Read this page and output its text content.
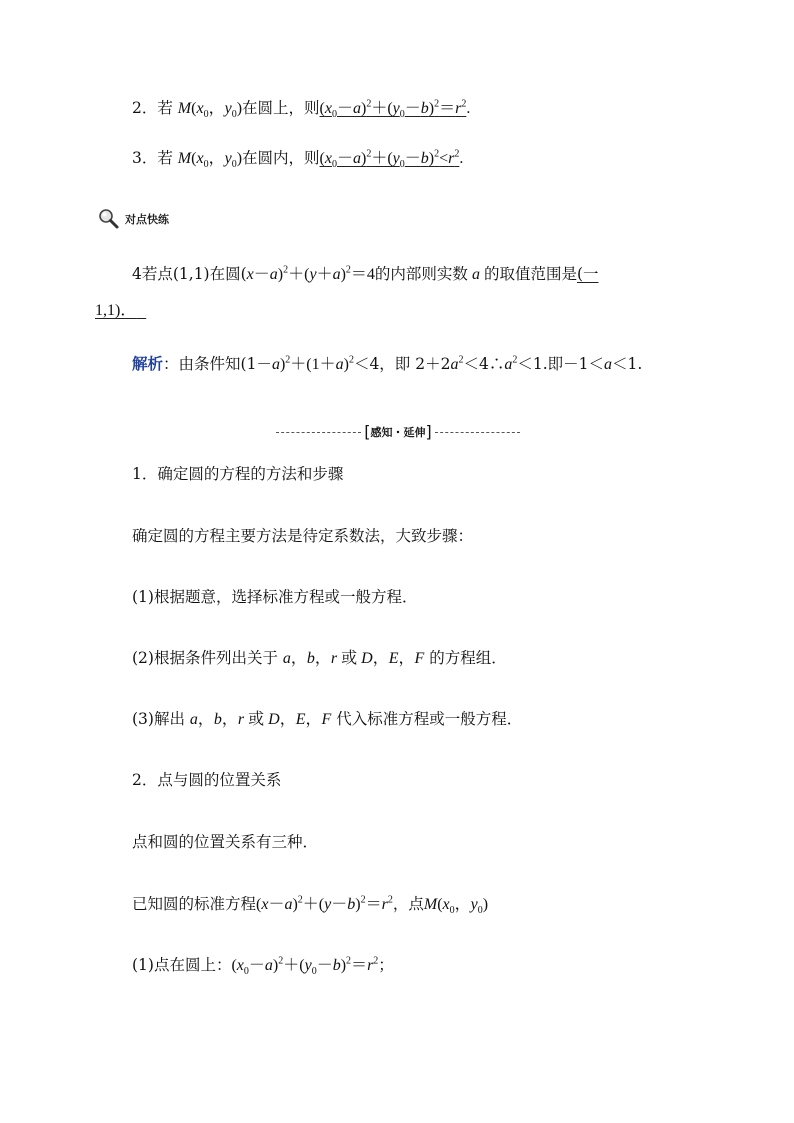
2．若 $M(x_0$，$y_0$)在圆上，则$(x_0-a)^2+(y_0-b)^2=r^2$.
3．若 $M(x_0$，$y_0$)在圆内，则$(x_0-a)^2+(y_0-b)^2<r^2$.
对点快练
4若点(1,1)在圆$(x-a)^2+(y+a)^2=4$的内部则实数 a 的取值范围是(一
1,1)．
解析：由条件知$(1-a)^2+(1+a)^2<4$，即 $2+2a^2<4\therefore a^2<1$.即－1＜a＜1.
[ 感知・延伸 ]
1．确定圆的方程的方法和步骤
确定圆的方程主要方法是待定系数法，大致步骤：
(1)根据题意，选择标准方程或一般方程．
(2)根据条件列出关于 a，b，r 或 D，E，F 的方程组．
(3)解出 a，b，r 或 D，E，F 代入标准方程或一般方程．
2．点与圆的位置关系
点和圆的位置关系有三种．
已知圆的标准方程$(x-a)^2+(y-b)^2=r^2$，点$M(x_0$，$y_0$)
(1)点在圆上：$(x_0-a)^2+(y_0-b)^2=r^2$；
